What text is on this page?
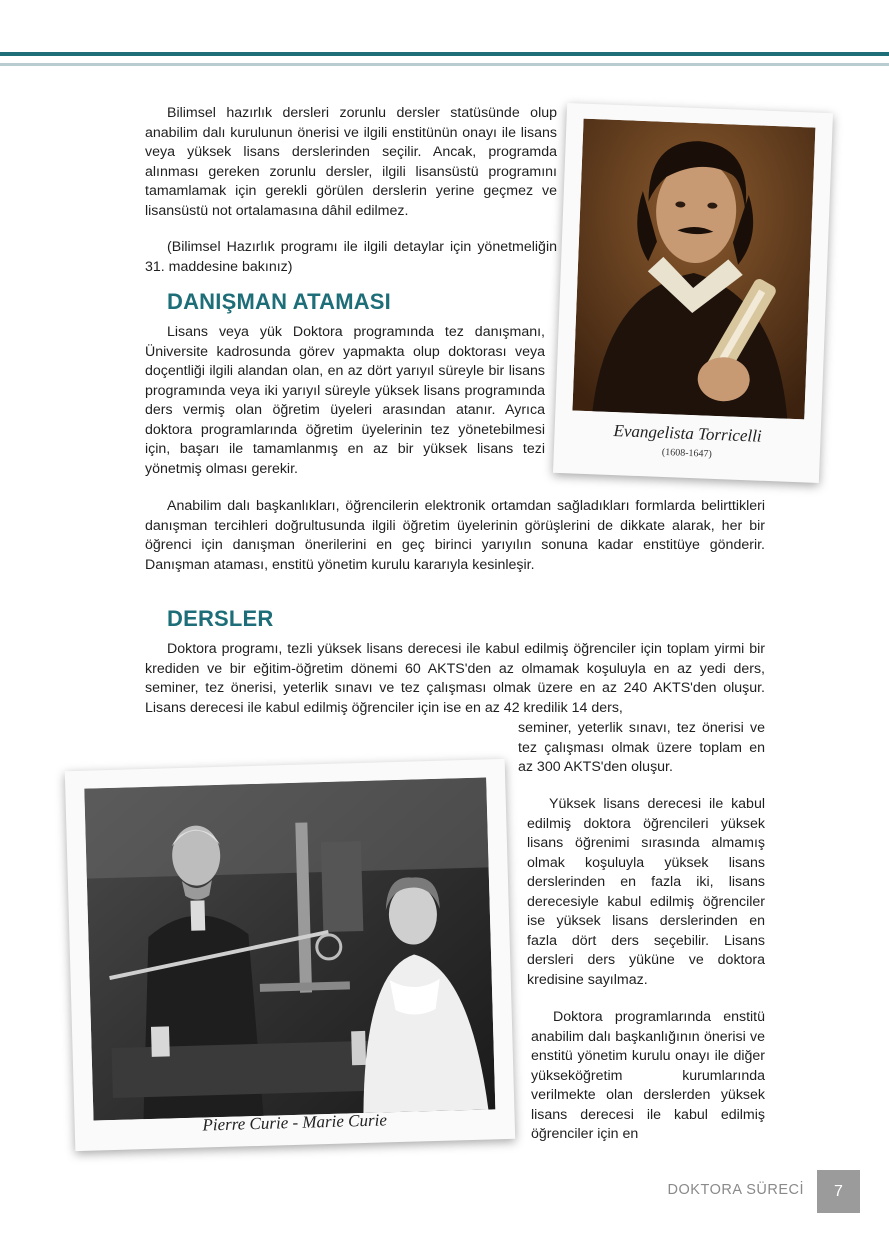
Bilimsel hazırlık dersleri zorunlu dersler statüsünde olup anabilim dalı kurulunun önerisi ve ilgili enstitünün onayı ile lisans veya yüksek lisans derslerinden seçilir. Ancak, programda alınması gereken zorunlu dersler, ilgili lisansüstü programını tamamlamak için gerekli görülen derslerin yerine geçmez ve lisansüstü not ortalamasına dâhil edilmez.

(Bilimsel Hazırlık programı ile ilgili detaylar için yönetmeliğin 31. maddesine bakınız)

DANIŞMAN ATAMASI

Lisans veya yük Doktora programında tez danışmanı, Üniversite kadrosunda görev yapmakta olup doktorası veya doçentliği ilgili alandan olan, en az dört yarıyıl süreyle bir lisans programında veya iki yarıyıl süreyle yüksek lisans programında ders vermiş olan öğretim üyeleri arasından atanır. Ayrıca doktora programlarında öğretim üyelerinin tez yönetebilmesi için, başarı ile tamamlanmış en az bir yüksek lisans tezi yönetmiş olması gerekir.

Evangelista Torricelli
(1608-1647)

Anabilim dalı başkanlıkları, öğrencilerin elektronik ortamdan sağladıkları formlarda belirttikleri danışman tercihleri doğrultusunda ilgili öğretim üyelerinin görüşlerini de dikkate alarak, her bir öğrenci için danışman önerilerini en geç birinci yarıyılın sonuna kadar enstitüye gönderir. Danışman ataması, enstitü yönetim kurulu kararıyla kesinleşir.

DERSLER

Doktora programı, tezli yüksek lisans derecesi ile kabul edilmiş öğrenciler için toplam yirmi bir krediden ve bir eğitim-öğretim dönemi 60 AKTS'den az olmamak koşuluyla en az yedi ders, seminer, tez önerisi, yeterlik sınavı ve tez çalışması olmak üzere en az 240 AKTS'den oluşur. Lisans derecesi ile kabul edilmiş öğrenciler için ise en az 42 kredilik 14 ders,

seminer, yeterlik sınavı, tez önerisi ve tez çalışması olmak üzere toplam en az 300 AKTS'den oluşur.

Yüksek lisans derecesi ile kabul edilmiş doktora öğrencileri yüksek lisans öğrenimi sırasında almamış olmak koşuluyla yüksek lisans derslerinden en fazla iki, lisans derecesiyle kabul edilmiş öğrenciler ise yüksek lisans derslerinden en fazla dört ders seçebilir. Lisans dersleri ders yüküne ve doktora kredisine sayılmaz.

Doktora programlarında enstitü anabilim dalı başkanlığının önerisi ve enstitü yönetim kurulu onayı ile diğer yükseköğretim kurumlarında verilmekte olan derslerden yüksek lisans derecesi ile kabul edilmiş öğrenciler için en

Pierre Curie - Marie Curie
DOKTORA SÜRECİ	7
